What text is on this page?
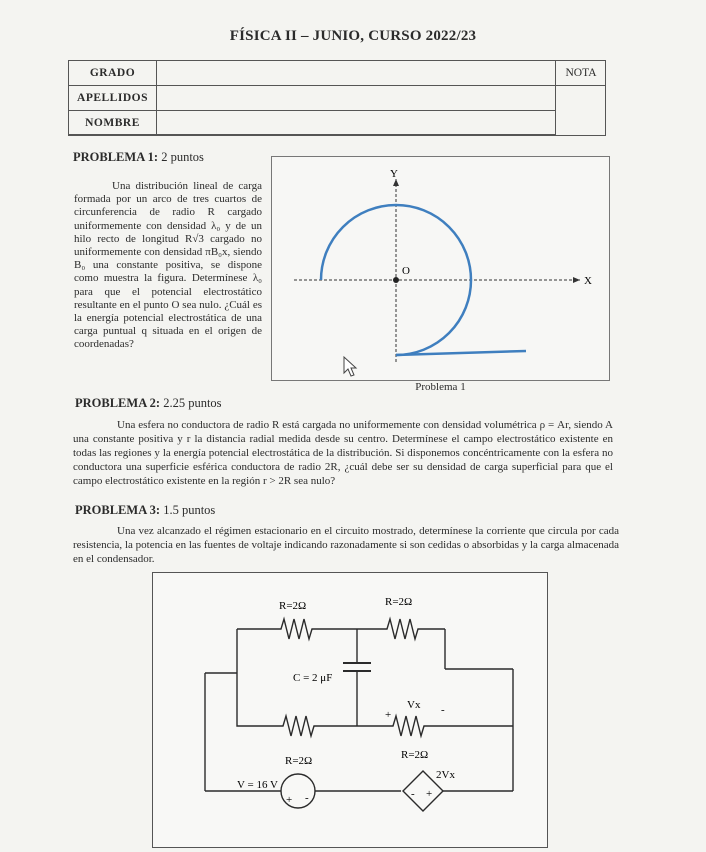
FÍSICA II – JUNIO, CURSO 2022/23
GRADO
APELLIDOS
NOMBRE
NOTA
PROBLEMA 1: 2 puntos
Una distribución lineal de carga formada por un arco de tres cuartos de circunferencia de radio R cargado uniformemente con densidad λ₀ y de un hilo recto de longitud R√3 cargado no uniformemente con densidad πB₀x, siendo B₀ una constante positiva, se dispone como muestra la figura. Determínese λ₀ para que el potencial electrostático resultante en el punto O sea nulo. ¿Cuál es la energía potencial electrostática de una carga puntual q situada en el origen de coordenadas?
Y
X
O
Problema 1
PROBLEMA 2: 2.25 puntos
Una esfera no conductora de radio R está cargada no uniformemente con densidad volumétrica ρ = Ar, siendo A una constante positiva y r la distancia radial medida desde su centro. Determínese el campo electrostático existente en todas las regiones y la energía potencial electrostática de la distribución. Si disponemos concéntricamente con la esfera no conductora una superficie esférica conductora de radio 2R, ¿cuál debe ser su densidad de carga superficial para que el campo electrostático existente en la región r > 2R sea nulo?
PROBLEMA 3: 1.5 puntos
Una vez alcanzado el régimen estacionario en el circuito mostrado, determínese la corriente que circula por cada resistencia, la potencia en las fuentes de voltaje indicando razonadamente si son cedidas o absorbidas y la carga almacenada en el condensador.
R=2Ω	R=2Ω
R=2Ω	R=2Ω
C = 2 μF
Vx
+	-
V = 16 V
+ -
2Vx
- +
